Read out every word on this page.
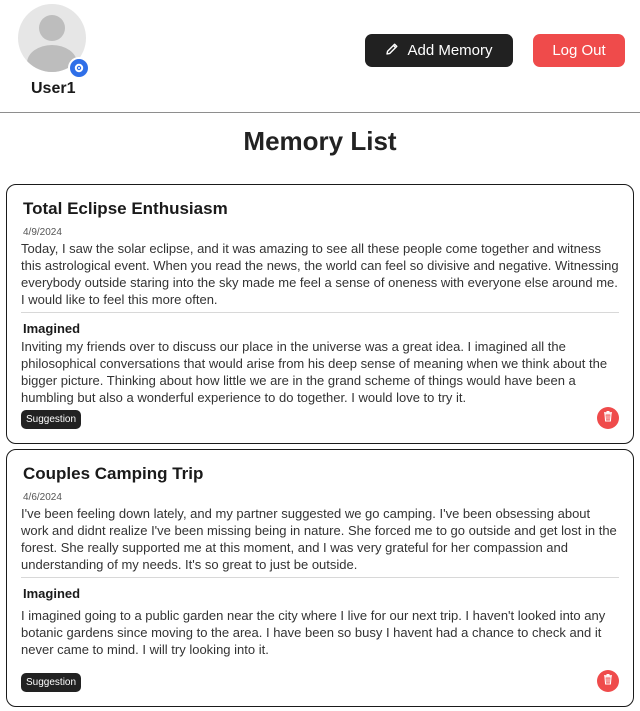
User1
Add Memory	Log Out
Memory List
Total Eclipse Enthusiasm
4/9/2024

Today, I saw the solar eclipse, and it was amazing to see all these people come together and witness this astrological event. When you read the news, the world can feel so divisive and negative. Witnessing everybody outside staring into the sky made me feel a sense of oneness with everyone else around me. I would like to feel this more often.

Imagined

Inviting my friends over to discuss our place in the universe was a great idea. I imagined all the philosophical conversations that would arise from his deep sense of meaning when we think about the bigger picture. Thinking about how little we are in the grand scheme of things would have been a humbling but also a wonderful experience to do together. I would love to try it.

Suggestion
Couples Camping Trip
4/6/2024

I've been feeling down lately, and my partner suggested we go camping. I've been obsessing about work and didnt realize I've been missing being in nature. She forced me to go outside and get lost in the forest. She really supported me at this moment, and I was very grateful for her compassion and understanding of my needs. It's so great to just be outside.

Imagined

I imagined going to a public garden near the city where I live for our next trip. I haven't looked into any botanic gardens since moving to the area. I have been so busy I havent had a chance to check and it never came to mind. I will try looking into it.

Suggestion
